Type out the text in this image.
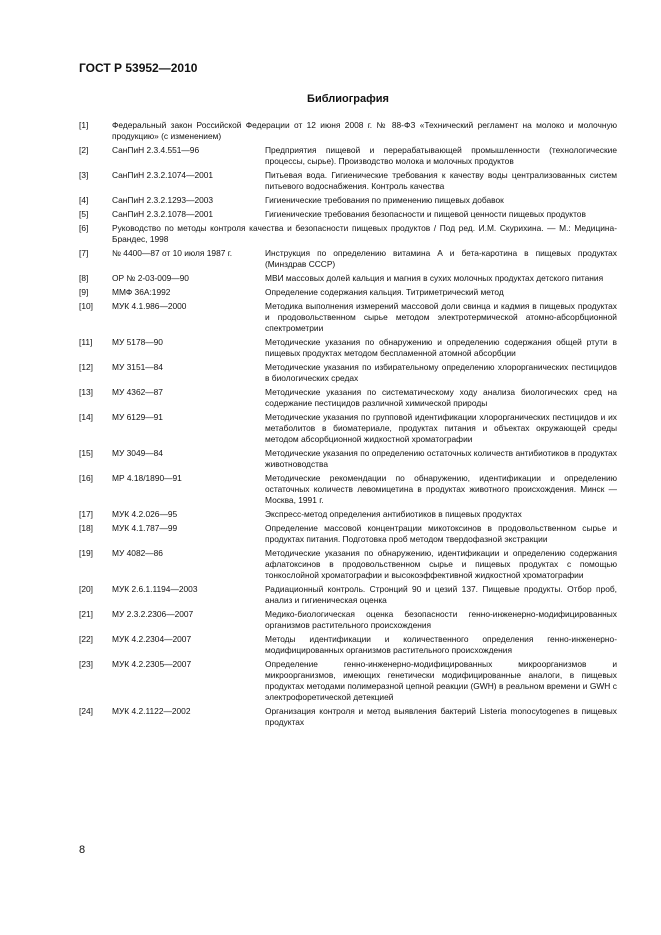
ГОСТ Р 53952—2010
Библиография
[1]	Федеральный закон Российской Федерации от 12 июня 2008 г. № 88-ФЗ «Технический регламент на молоко и молочную продукцию» (с изменением)
[2]	СанПиН 2.3.4.551—96	Предприятия пищевой и перерабатывающей промышленности (технологические процессы, сырье). Производство молока и молочных продуктов
[3]	СанПиН 2.3.2.1074—2001	Питьевая вода. Гигиенические требования к качеству воды централизованных систем питьевого водоснабжения. Контроль качества
[4]	СанПиН 2.3.2.1293—2003	Гигиенические требования по применению пищевых добавок
[5]	СанПиН 2.3.2.1078—2001	Гигиенические требования безопасности и пищевой ценности пищевых продуктов
[6]	Руководство по методы контроля качества и безопасности пищевых продуктов / Под ред. И.М. Скурихина. — М.: Медицина-Брандес, 1998
[7]	№ 4400—87 от 10 июля 1987 г.	Инструкция по определению витамина А и бета-каротина в пищевых продуктах (Минздрав СССР)
[8]	ОР № 2-03-009—90	МВИ массовых долей кальция и магния в сухих молочных продуктах детского питания
[9]	ММФ 36А:1992	Определение содержания кальция. Титриметрический метод
[10] МУК 4.1.986—2000	Методика выполнения измерений массовой доли свинца и кадмия в пищевых продуктах и продовольственном сырье методом электротермической атомно-абсорбционной спектрометрии
[11] МУ 5178—90	Методические указания по обнаружению и определению содержания общей ртути в пищевых продуктах методом беспламенной атомной абсорбции
[12] МУ 3151—84	Методические указания по избирательному определению хлорорганических пестицидов в биологических средах
[13] МУ 4362—87	Методические указания по систематическому ходу анализа биологических сред на содержание пестицидов различной химической природы
[14] МУ 6129—91	Методические указания по групповой идентификации хлорорганических пестицидов и их метаболитов в биоматериале, продуктах питания и объектах окружающей среды методом абсорбционной жидкостной хроматографии
[15] МУ 3049—84	Методические указания по определению остаточных количеств антибиотиков в продуктах животноводства
[16] МР 4.18/1890—91	Методические рекомендации по обнаружению, идентификации и определению остаточных количеств левомицетина в продуктах животного происхождения. Минск — Москва, 1991 г.
[17] МУК 4.2.026—95	Экспресс-метод определения антибиотиков в пищевых продуктах
[18] МУК 4.1.787—99	Определение массовой концентрации микотоксинов в продовольственном сырье и продуктах питания. Подготовка проб методом твердофазной экстракции
[19] МУ 4082—86	Методические указания по обнаружению, идентификации и определению содержания афлатоксинов в продовольственном сырье и пищевых продуктах с помощью тонкослойной хроматографии и высокоэффективной жидкостной хроматографии
[20] МУК 2.6.1.1194—2003	Радиационный контроль. Стронций 90 и цезий 137. Пищевые продукты. Отбор проб, анализ и гигиеническая оценка
[21] МУ 2.3.2.2306—2007	Медико-биологическая оценка безопасности генно-инженерно-модифицированных организмов растительного происхождения
[22] МУК 4.2.2304—2007	Методы идентификации и количественного определения генно-инженерно-модифицированных организмов растительного происхождения
[23] МУК 4.2.2305—2007	Определение генно-инженерно-модифицированных микроорганизмов и микроорганизмов, имеющих генетически модифицированные аналоги, в пищевых продуктах методами полимеразной цепной реакции (GWH) в реальном времени и GWH с электрофоретической детекцией
[24] МУК 4.2.1122—2002	Организация контроля и метод выявления бактерий Listeria monocytogenes в пищевых продуктах
8
